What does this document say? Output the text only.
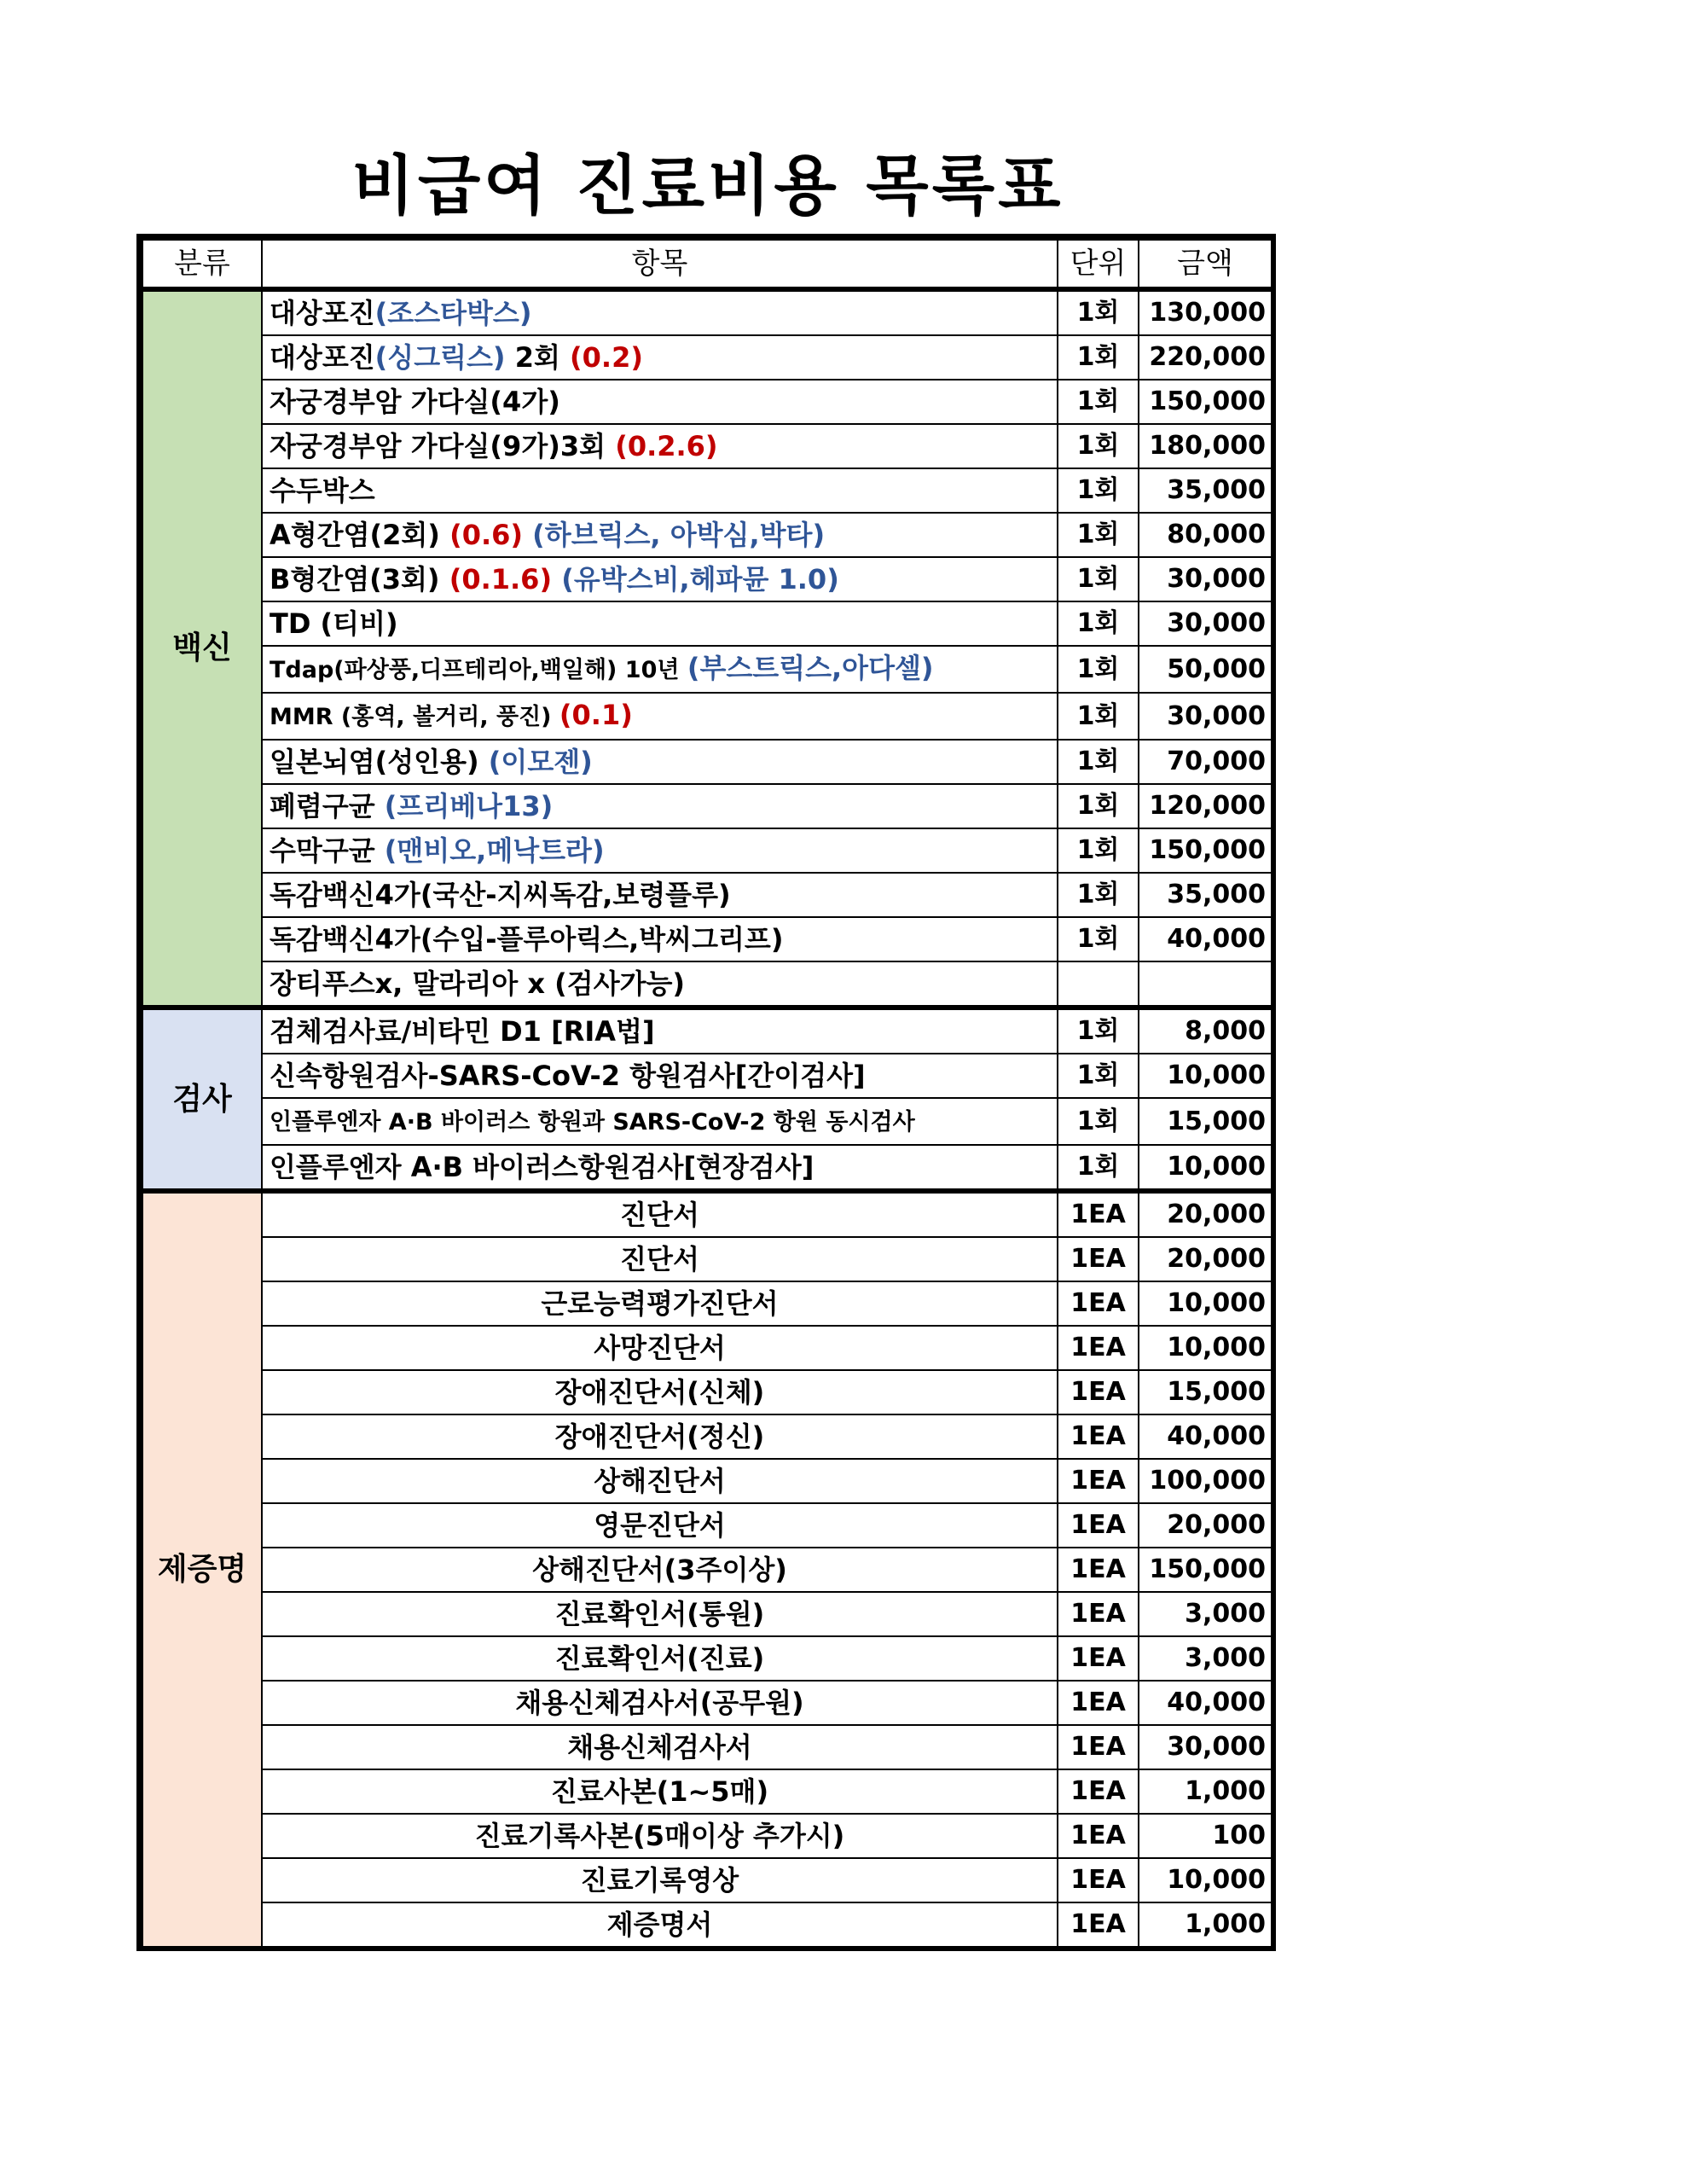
비급여 진료비용 목록표
분류	항목	단위	금액
백신	대상포진(조스타박스)	1회	130,000
	대상포진(싱그릭스) 2회 (0.2)	1회	220,000
	자궁경부암 가다실(4가)	1회	150,000
	자궁경부암 가다실(9가)3회 (0.2.6)	1회	180,000
	수두박스	1회	35,000
	A형간염(2회) (0.6) (하브릭스, 아박심,박타)	1회	80,000
	B형간염(3회) (0.1.6) (유박스비,헤파뮨 1.0)	1회	30,000
	TD (티비)	1회	30,000
	Tdap(파상풍,디프테리아,백일해) 10년 (부스트릭스,아다셀)	1회	50,000
	MMR (홍역, 볼거리, 풍진) (0.1)	1회	30,000
	일본뇌염(성인용) (이모젠)	1회	70,000
	폐렴구균 (프리베나13)	1회	120,000
	수막구균 (맨비오,메낙트라)	1회	150,000
	독감백신4가(국산-지씨독감,보령플루)	1회	35,000
	독감백신4가(수입-플루아릭스,박씨그리프)	1회	40,000
	장티푸스x, 말라리아 x (검사가능)		
검사	검체검사료/비타민 D1 [RIA법]	1회	8,000
	신속항원검사-SARS-CoV-2 항원검사[간이검사]	1회	10,000
	인플루엔자 A·B 바이러스 항원과 SARS-CoV-2 항원 동시검사	1회	15,000
	인플루엔자 A·B 바이러스항원검사[현장검사]	1회	10,000
제증명	진단서	1EA	20,000
	진단서	1EA	20,000
	근로능력평가진단서	1EA	10,000
	사망진단서	1EA	10,000
	장애진단서(신체)	1EA	15,000
	장애진단서(정신)	1EA	40,000
	상해진단서	1EA	100,000
	영문진단서	1EA	20,000
	상해진단서(3주이상)	1EA	150,000
	진료확인서(통원)	1EA	3,000
	진료확인서(진료)	1EA	3,000
	채용신체검사서(공무원)	1EA	40,000
	채용신체검사서	1EA	30,000
	진료사본(1~5매)	1EA	1,000
	진료기록사본(5매이상 추가시)	1EA	100
	진료기록영상	1EA	10,000
	제증명서	1EA	1,000
